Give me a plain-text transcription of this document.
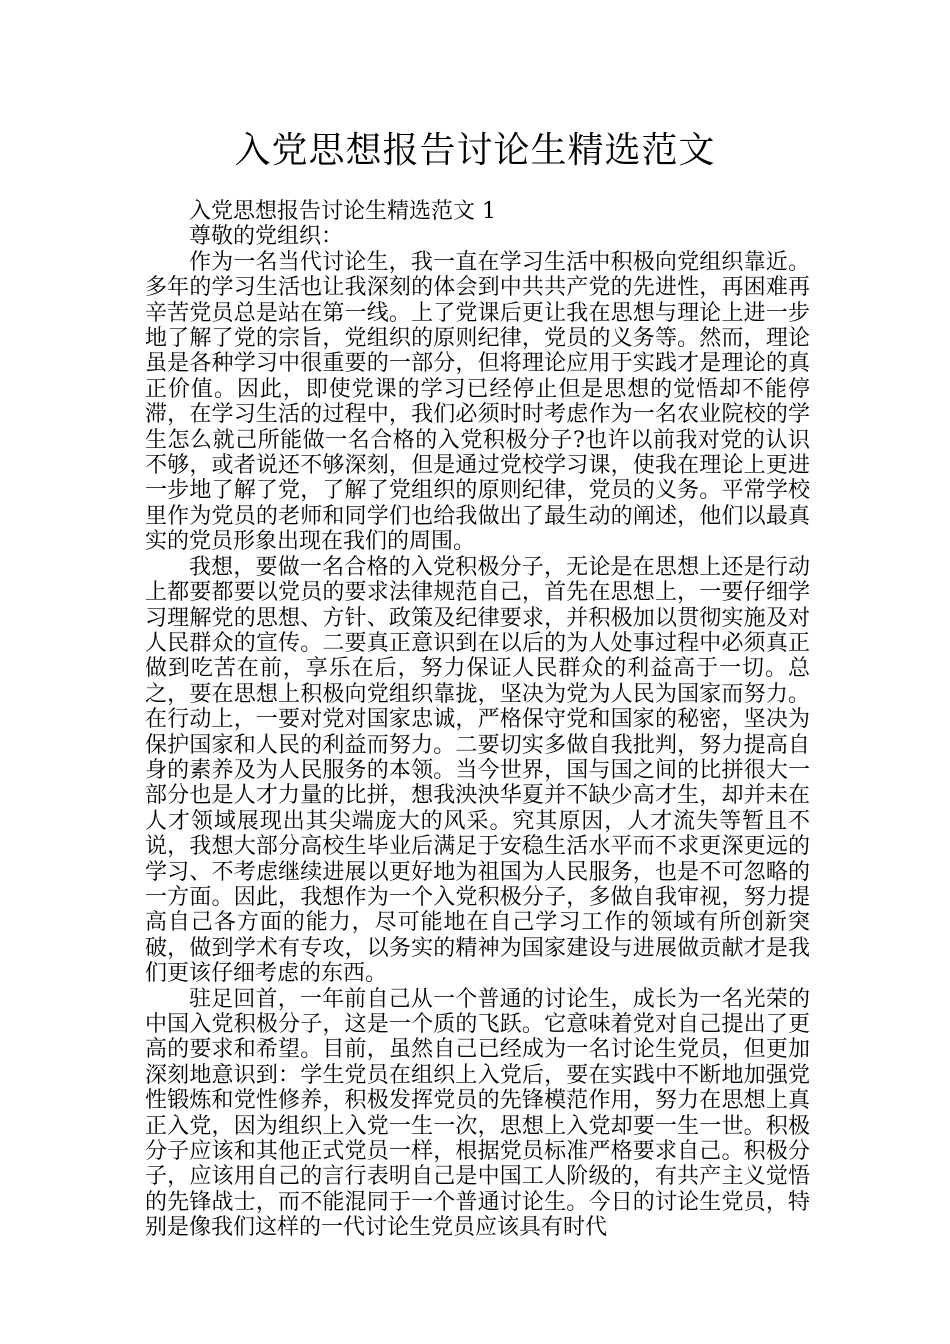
入党思想报告讨论生精选范文

入党思想报告讨论生精选范文 1

尊敬的党组织：

作为一名当代讨论生，我一直在学习生活中积极向党组织靠近。多年的学习生活也让我深刻的体会到中共共产党的先进性，再困难再辛苦党员总是站在第一线。上了党课后更让我在思想与理论上进一步地了解了党的宗旨，党组织的原则纪律，党员的义务等。然而，理论虽是各种学习中很重要的一部分，但将理论应用于实践才是理论的真正价值。因此，即使党课的学习已经停止但是思想的觉悟却不能停滞，在学习生活的过程中，我们必须时时考虑作为一名农业院校的学生怎么就己所能做一名合格的入党积极分子?也许以前我对党的认识不够，或者说还不够深刻，但是通过党校学习课，使我在理论上更进一步地了解了党，了解了党组织的原则纪律，党员的义务。平常学校里作为党员的老师和同学们也给我做出了最生动的阐述，他们以最真实的党员形象出现在我们的周围。

我想，要做一名合格的入党积极分子，无论是在思想上还是行动上都要都要以党员的要求法律规范自己，首先在思想上，一要仔细学习理解党的思想、方针、政策及纪律要求，并积极加以贯彻实施及对人民群众的宣传。二要真正意识到在以后的为人处事过程中必须真正做到吃苦在前，享乐在后，努力保证人民群众的利益高于一切。总之，要在思想上积极向党组织靠拢，坚决为党为人民为国家而努力。在行动上，一要对党对国家忠诚，严格保守党和国家的秘密，坚决为保护国家和人民的利益而努力。二要切实多做自我批判，努力提高自身的素养及为人民服务的本领。当今世界，国与国之间的比拼很大一部分也是人才力量的比拼，想我泱泱华夏并不缺少高才生，却并未在人才领域展现出其尖端庞大的风采。究其原因，人才流失等暂且不说，我想大部分高校生毕业后满足于安稳生活水平而不求更深更远的学习、不考虑继续进展以更好地为祖国为人民服务，也是不可忽略的一方面。因此，我想作为一个入党积极分子，多做自我审视，努力提高自己各方面的能力，尽可能地在自己学习工作的领域有所创新突破，做到学术有专攻，以务实的精神为国家建设与进展做贡献才是我们更该仔细考虑的东西。

驻足回首，一年前自己从一个普通的讨论生，成长为一名光荣的中国入党积极分子，这是一个质的飞跃。它意味着党对自己提出了更高的要求和希望。目前，虽然自己已经成为一名讨论生党员，但更加深刻地意识到：学生党员在组织上入党后，要在实践中不断地加强党性锻炼和党性修养，积极发挥党员的先锋模范作用，努力在思想上真正入党，因为组织上入党一生一次，思想上入党却要一生一世。积极分子应该和其他正式党员一样，根据党员标准严格要求自己。积极分子，应该用自己的言行表明自己是中国工人阶级的，有共产主义觉悟的先锋战士，而不能混同于一个普通讨论生。今日的讨论生党员，特别是像我们这样的一代讨论生党员应该具有时代
